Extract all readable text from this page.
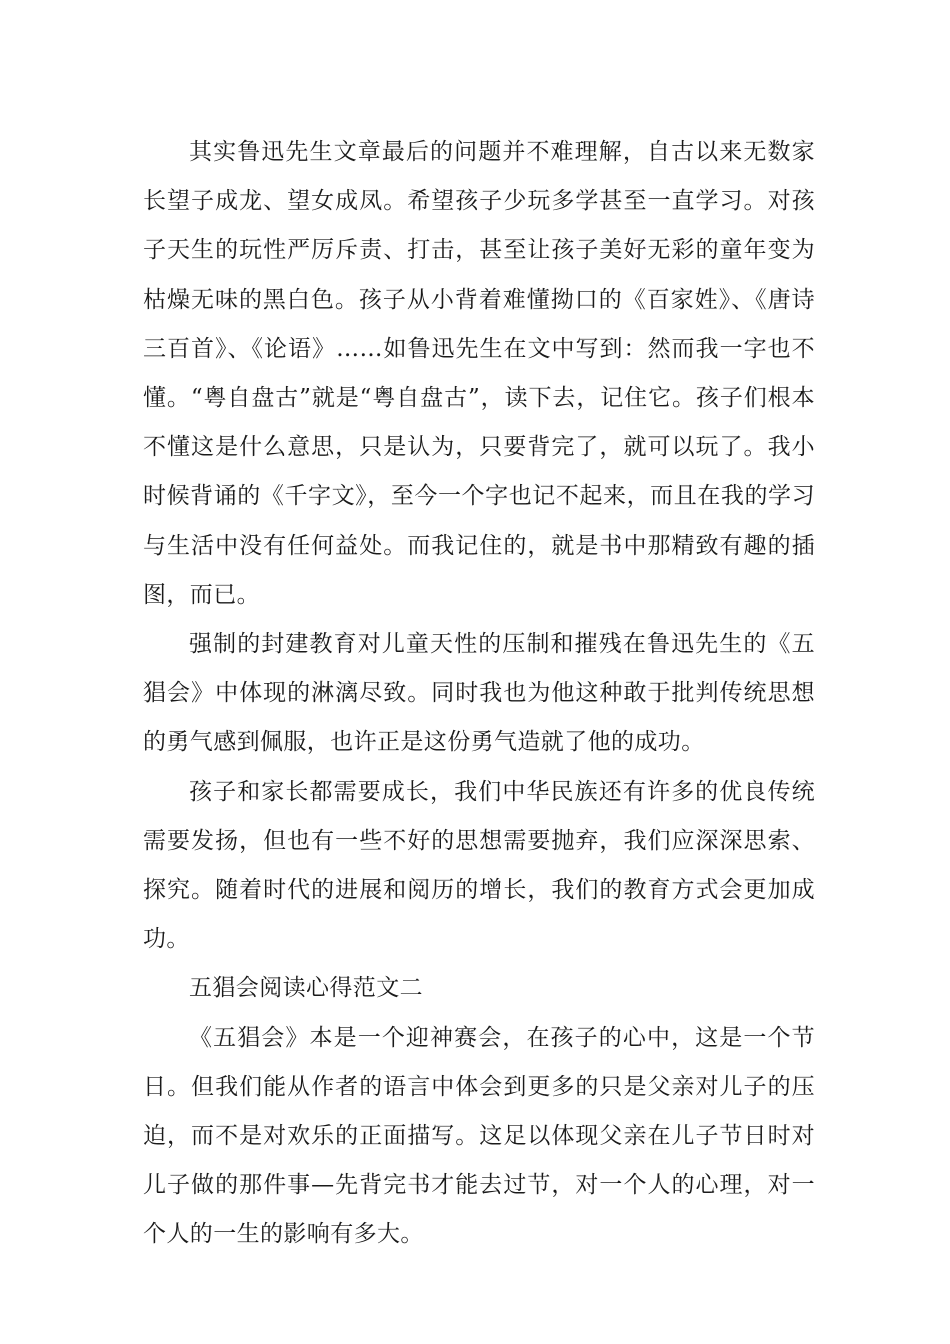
其实鲁迅先生文章最后的问题并不难理解，自古以来无数家长望子成龙、望女成凤。希望孩子少玩多学甚至一直学习。对孩子天生的玩性严厉斥责、打击，甚至让孩子美好无彩的童年变为枯燥无味的黑白色。孩子从小背着难懂拗口的《百家姓》、《唐诗三百首》、《论语》……如鲁迅先生在文中写到：然而我一字也不懂。“粤自盘古”就是“粤自盘古”，读下去，记住它。孩子们根本不懂这是什么意思，只是认为，只要背完了，就可以玩了。我小时候背诵的《千字文》，至今一个字也记不起来，而且在我的学习与生活中没有任何益处。而我记住的，就是书中那精致有趣的插图，而已。

强制的封建教育对儿童天性的压制和摧残在鲁迅先生的《五猖会》中体现的淋漓尽致。同时我也为他这种敢于批判传统思想的勇气感到佩服，也许正是这份勇气造就了他的成功。

孩子和家长都需要成长，我们中华民族还有许多的优良传统需要发扬，但也有一些不好的思想需要抛弃，我们应深深思索、探究。随着时代的进展和阅历的增长，我们的教育方式会更加成功。

五猖会阅读心得范文二

《五猖会》本是一个迎神赛会，在孩子的心中，这是一个节日。但我们能从作者的语言中体会到更多的只是父亲对儿子的压迫，而不是对欢乐的正面描写。这足以体现父亲在儿子节日时对儿子做的那件事—先背完书才能去过节，对一个人的心理，对一个人的一生的影响有多大。
